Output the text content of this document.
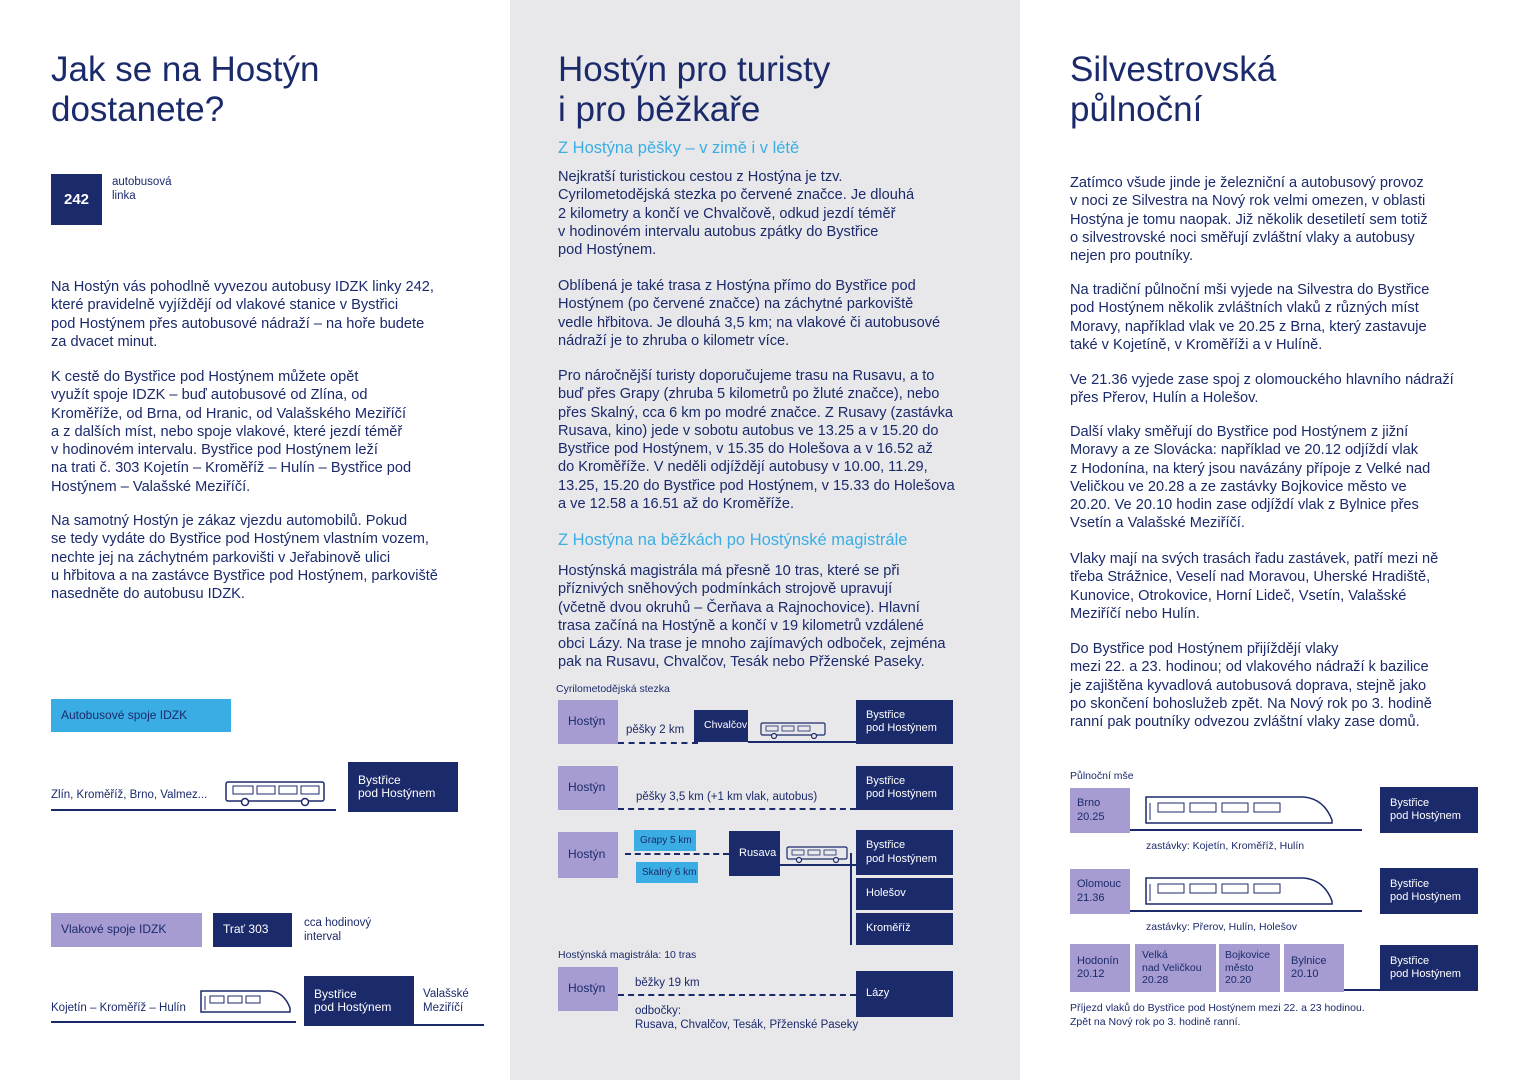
Jak se na Hostýn
dostanete?
242
autobusová
linka
Na Hostýn vás pohodlně vyvezou autobusy IDZK linky 242,
které pravidelně vyjíždějí od vlakové stanice v Bystřici
pod Hostýnem přes autobusové nádraží – na hoře budete
za dvacet minut.
K cestě do Bystřice pod Hostýnem můžete opět
využít spoje IDZK – buď autobusové od Zlína, od
Kroměříže, od Brna, od Hranic, od Valašského Meziříčí
a z dalších míst, nebo spoje vlakové, které jezdí téměř
v hodinovém intervalu. Bystřice pod Hostýnem leží
na trati č. 303 Kojetín – Kroměříž – Hulín – Bystřice pod
Hostýnem – Valašské Meziříčí.
Na samotný Hostýn je zákaz vjezdu automobilů. Pokud
se tedy vydáte do Bystřice pod Hostýnem vlastním vozem,
nechte jej na záchytném parkovišti v Jeřabinově ulici
u hřbitova a na zastávce Bystřice pod Hostýnem, parkoviště
nasedněte do autobusu IDZK.
Autobusové spoje IDZK
Zlín, Kroměříž, Brno, Valmez...
Bystřice
pod Hostýnem
Vlakové spoje IDZK	Trať 303	cca hodinový
interval
Kojetín – Kroměříž – Hulín
Bystřice
pod Hostýnem
Valašské
Meziříčí
Hostýn pro turisty
i pro běžkaře
Z Hostýna pěšky – v zimě i v létě
Nejkratší turistickou cestou z Hostýna je tzv.
Cyrilometodějská stezka po červené značce. Je dlouhá
2 kilometry a končí ve Chvalčově, odkud jezdí téměř
v hodinovém intervalu autobus zpátky do Bystřice
pod Hostýnem.
Oblíbená je také trasa z Hostýna přímo do Bystřice pod
Hostýnem (po červené značce) na záchytné parkoviště
vedle hřbitova. Je dlouhá 3,5 km; na vlakové či autobusové
nádraží je to zhruba o kilometr více.
Pro náročnější turisty doporučujeme trasu na Rusavu, a to
buď přes Grapy (zhruba 5 kilometrů po žluté značce), nebo
přes Skalný, cca 6 km po modré značce. Z Rusavy (zastávka
Rusava, kino) jede v sobotu autobus ve 13.25 a v 15.20 do
Bystřice pod Hostýnem, v 15.35 do Holešova a v 16.52 až
do Kroměříže. V neděli odjíždějí autobusy v 10.00, 11.29,
13.25, 15.20 do Bystřice pod Hostýnem, v 15.33 do Holešova
a ve 12.58 a 16.51 až do Kroměříže.
Z Hostýna na běžkách po Hostýnské magistrále
Hostýnská magistrála má přesně 10 tras, které se při
příznivých sněhových podmínkách strojově upravují
(včetně dvou okruhů – Čerňava a Rajnochovice). Hlavní
trasa začíná na Hostýně a končí v 19 kilometrů vzdálené
obci Lázy. Na trase je mnoho zajímavých odboček, zejména
pak na Rusavu, Chvalčov, Tesák nebo Přženské Paseky.
Cyrilometodějská stezka
Hostýn
pěšky 2 km	Chvalčov
Bystřice
pod Hostýnem
Hostýn
pěšky 3,5 km (+1 km vlak, autobus)
Bystřice
pod Hostýnem
Hostýn
Grapy 5 km
Skalný 6 km
Rusava
Bystřice
pod Hostýnem
Holešov
Kroměříž
Hostýnská magistrála: 10 tras
Hostýn	běžky 19 km
odbočky:
Rusava, Chvalčov, Tesák, Přženské Paseky
Lázy
Silvestrovská
půlnoční
Zatímco všude jinde je železniční a autobusový provoz
v noci ze Silvestra na Nový rok velmi omezen, v oblasti
Hostýna je tomu naopak. Již několik desetiletí sem totiž
o silvestrovské noci směřují zvláštní vlaky a autobusy
nejen pro poutníky.
Na tradiční půlnoční mši vyjede na Silvestra do Bystřice
pod Hostýnem několik zvláštních vlaků z různých míst
Moravy, například vlak ve 20.25 z Brna, který zastavuje
také v Kojetíně, v Kroměříži a v Hulíně.
Ve 21.36 vyjede zase spoj z olomouckého hlavního nádraží
přes Přerov, Hulín a Holešov.
Další vlaky směřují do Bystřice pod Hostýnem z jižní
Moravy a ze Slovácka: například ve 20.12 odjíždí vlak
z Hodonína, na který jsou navázány přípoje z Velké nad
Veličkou ve 20.28 a ze zastávky Bojkovice město ve
20.20. Ve 20.10 hodin zase odjíždí vlak z Bylnice přes
Vsetín a Valašské Meziříčí.
Vlaky mají na svých trasách řadu zastávek, patří mezi ně
třeba Strážnice, Veselí nad Moravou, Uherské Hradiště,
Kunovice, Otrokovice, Horní Lideč, Vsetín, Valašské
Meziříčí nebo Hulín.
Do Bystřice pod Hostýnem přijíždějí vlaky
mezi 22. a 23. hodinou; od vlakového nádraží k bazilice
je zajištěna kyvadlová autobusová doprava, stejně jako
po skončení bohoslužeb zpět. Na Nový rok po 3. hodině
ranní pak poutníky odvezou zvláštní vlaky zase domů.
Půlnoční mše
Brno
20.25
zastávky: Kojetín, Kroměříž, Hulín
Bystřice
pod Hostýnem
Olomouc
21.36
zastávky: Přerov, Hulín, Holešov
Bystřice
pod Hostýnem
Hodonín
20.12
Velká
nad Veličkou
20.28
Bojkovice
město
20.20
Bylnice
20.10
Bystřice
pod Hostýnem
Příjezd vlaků do Bystřice pod Hostýnem mezi 22. a 23 hodinou.
Zpět na Nový rok po 3. hodině ranní.
